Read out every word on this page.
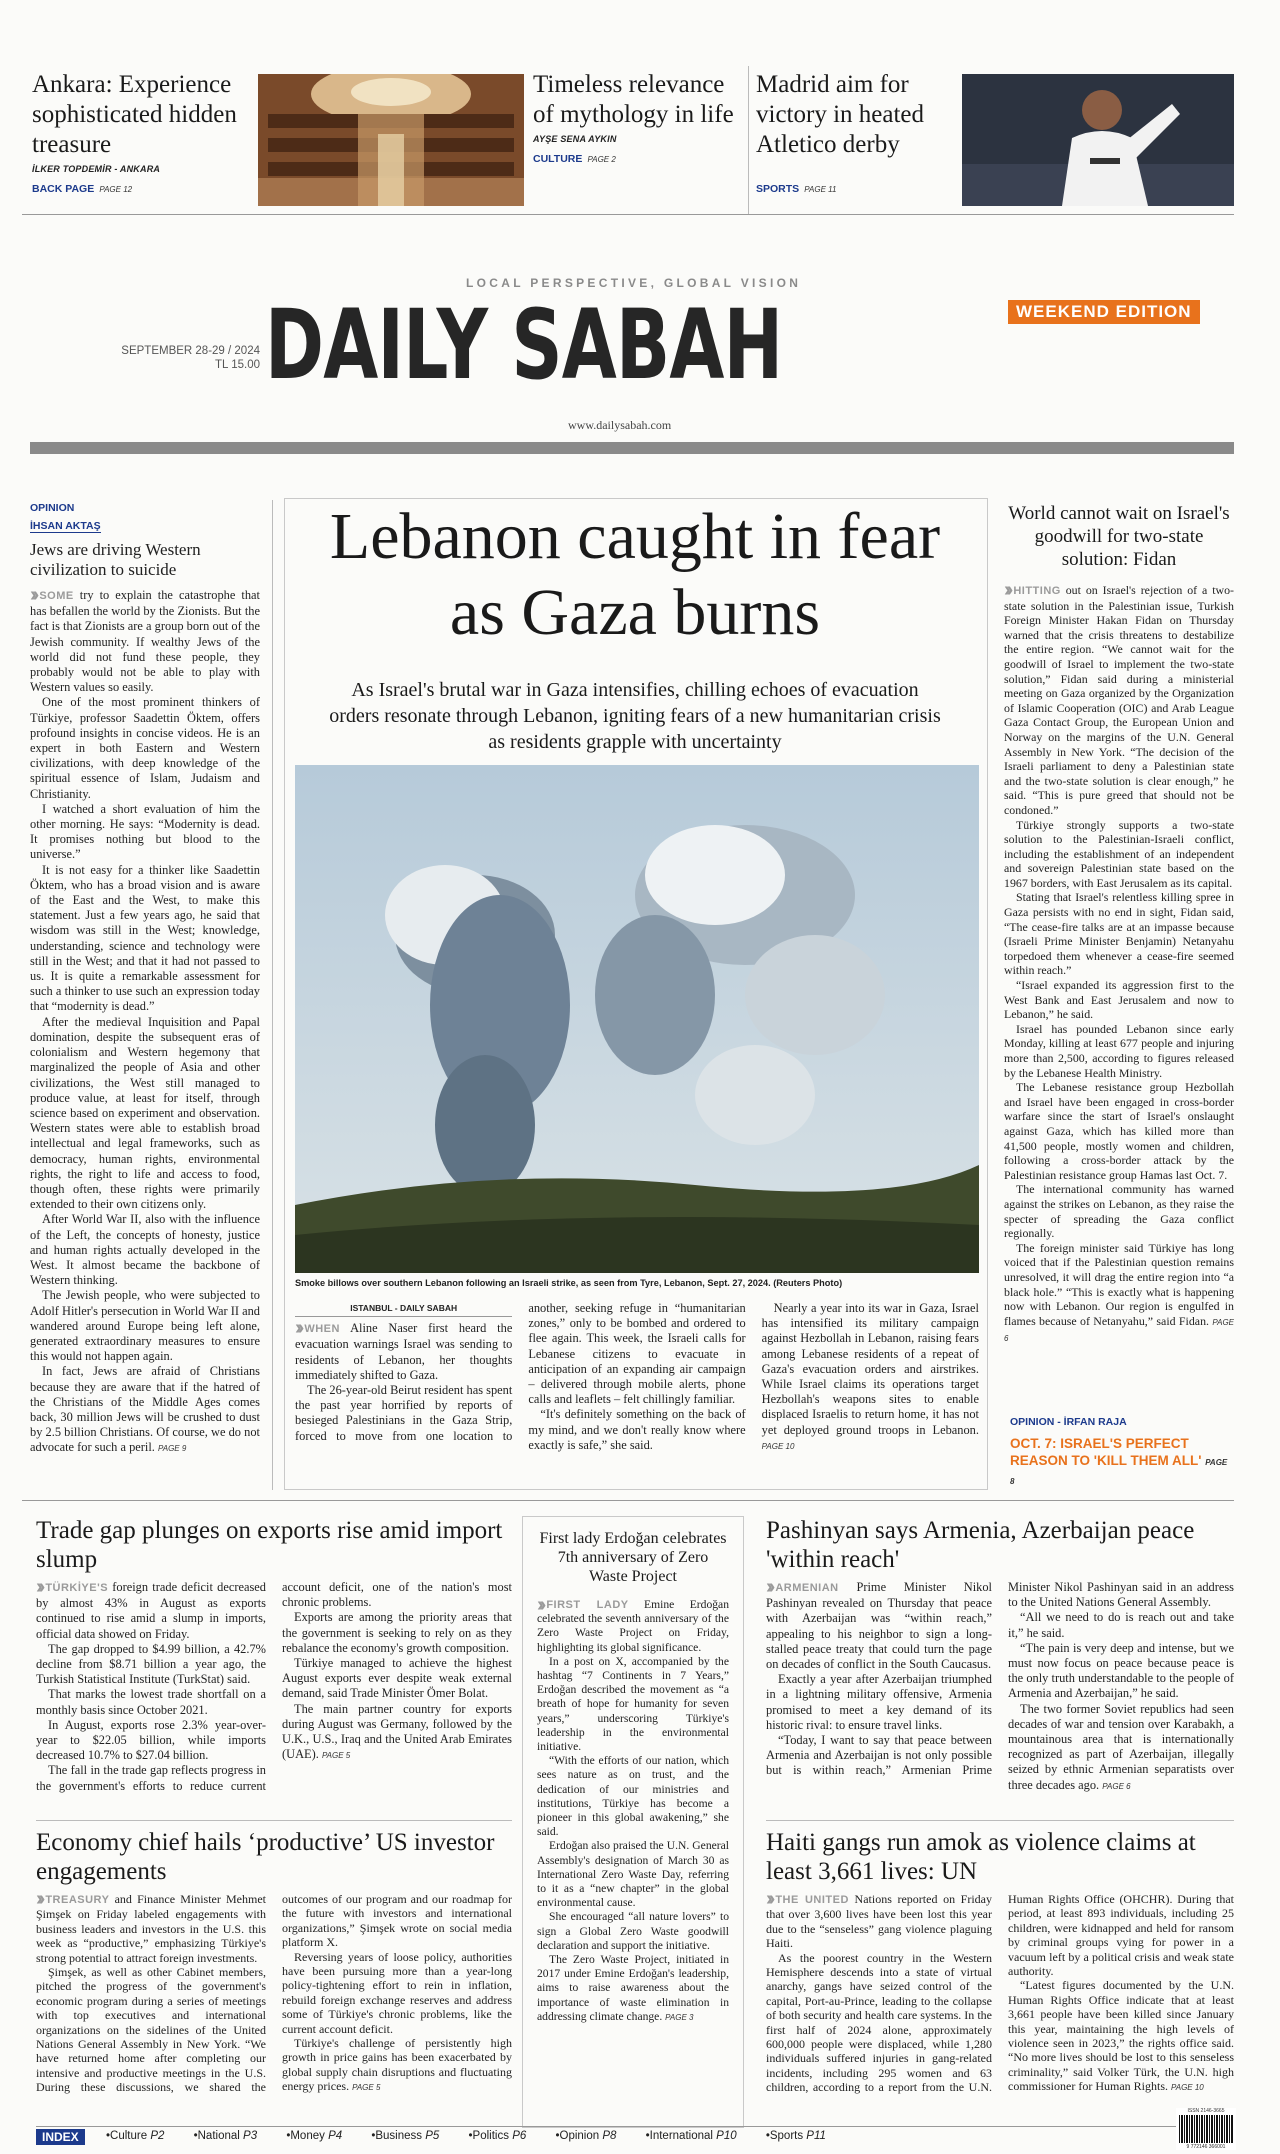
Ankara: Experience sophisticated hidden treasure
İLKER TOPDEMİR - ANKARA
BACK PAGE PAGE 12
Timeless relevance of mythology in life
AYŞE SENA AYKIN
CULTURE PAGE 2
Madrid aim for victory in heated Atletico derby
SPORTS PAGE 11
LOCAL PERSPECTIVE, GLOBAL VISION
DAILY SABAH
SEPTEMBER 28-29 / 2024
TL 15.00
WEEKEND EDITION
www.dailysabah.com
OPINION
İHSAN AKTAŞ
Jews are driving Western civilization to suicide

›› SOME try to explain the catastrophe that has befallen the world by the Zionists. But the fact is that Zionists are a group born out of the Jewish community. If wealthy Jews of the world did not fund these people, they probably would not be able to play with Western values so easily.

One of the most prominent thinkers of Türkiye, professor Saadettin Öktem, offers profound insights in concise videos. He is an expert in both Eastern and Western civilizations, with deep knowledge of the spiritual essence of Islam, Judaism and Christianity.

I watched a short evaluation of him the other morning. He says: “Modernity is dead. It promises nothing but blood to the universe.”

It is not easy for a thinker like Saadettin Öktem, who has a broad vision and is aware of the East and the West, to make this statement. Just a few years ago, he said that wisdom was still in the West; knowledge, understanding, science and technology were still in the West; and that it had not passed to us. It is quite a remarkable assessment for such a thinker to use such an expression today that “modernity is dead.”

After the medieval Inquisition and Papal domination, despite the subsequent eras of colonialism and Western hegemony that marginalized the people of Asia and other civilizations, the West still managed to produce value, at least for itself, through science based on experiment and observation. Western states were able to establish broad intellectual and legal frameworks, such as democracy, human rights, environmental rights, the right to life and access to food, though often, these rights were primarily extended to their own citizens only.

After World War II, also with the influence of the Left, the concepts of honesty, justice and human rights actually developed in the West. It almost became the backbone of Western thinking.

The Jewish people, who were subjected to Adolf Hitler's persecution in World War II and wandered around Europe being left alone, generated extraordinary measures to ensure this would not happen again.

In fact, Jews are afraid of Christians because they are aware that if the hatred of the Christians of the Middle Ages comes back, 30 million Jews will be crushed to dust by 2.5 billion Christians. Of course, we do not advocate for such a peril. PAGE 9

Lebanon caught in fear as Gaza burns
As Israel's brutal war in Gaza intensifies, chilling echoes of evacuation orders resonate through Lebanon, igniting fears of a new humanitarian crisis as residents grapple with uncertainty
Smoke billows over southern Lebanon following an Israeli strike, as seen from Tyre, Lebanon, Sept. 27, 2024. (Reuters Photo)

ISTANBUL - DAILY SABAH

›› WHEN Aline Naser first heard the evacuation warnings Israel was sending to residents of Lebanon, her thoughts immediately shifted to Gaza.

The 26-year-old Beirut resident has spent the past year horrified by reports of besieged Palestinians in the Gaza Strip, forced to move from one location to another, seeking refuge in “humanitarian zones,” only to be bombed and ordered to flee again. This week, the Israeli calls for Lebanese citizens to evacuate in anticipation of an expanding air campaign – delivered through mobile alerts, phone calls and leaflets – felt chillingly familiar.

“It's definitely something on the back of my mind, and we don't really know where exactly is safe,” she said.

Nearly a year into its war in Gaza, Israel has intensified its military campaign against Hezbollah in Lebanon, raising fears among Lebanese residents of a repeat of Gaza's evacuation orders and airstrikes. While Israel claims its operations target Hezbollah's weapons sites to enable displaced Israelis to return home, it has not yet deployed ground troops in Lebanon. PAGE 10

World cannot wait on Israel's goodwill for two-state solution: Fidan

›› HITTING out on Israel's rejection of a two-state solution in the Palestinian issue, Turkish Foreign Minister Hakan Fidan on Thursday warned that the crisis threatens to destabilize the entire region. “We cannot wait for the goodwill of Israel to implement the two-state solution,” Fidan said during a ministerial meeting on Gaza organized by the Organization of Islamic Cooperation (OIC) and Arab League Gaza Contact Group, the European Union and Norway on the margins of the U.N. General Assembly in New York. “The decision of the Israeli parliament to deny a Palestinian state and the two-state solution is clear enough,” he said. “This is pure greed that should not be condoned.”

Türkiye strongly supports a two-state solution to the Palestinian-Israeli conflict, including the establishment of an independent and sovereign Palestinian state based on the 1967 borders, with East Jerusalem as its capital.

Stating that Israel's relentless killing spree in Gaza persists with no end in sight, Fidan said, “The cease-fire talks are at an impasse because (Israeli Prime Minister Benjamin) Netanyahu torpedoed them whenever a cease-fire seemed within reach.”

“Israel expanded its aggression first to the West Bank and East Jerusalem and now to Lebanon,” he said.

Israel has pounded Lebanon since early Monday, killing at least 677 people and injuring more than 2,500, according to figures released by the Lebanese Health Ministry.

The Lebanese resistance group Hezbollah and Israel have been engaged in cross-border warfare since the start of Israel's onslaught against Gaza, which has killed more than 41,500 people, mostly women and children, following a cross-border attack by the Palestinian resistance group Hamas last Oct. 7.

The international community has warned against the strikes on Lebanon, as they raise the specter of spreading the Gaza conflict regionally.

The foreign minister said Türkiye has long voiced that if the Palestinian question remains unresolved, it will drag the entire region into “a black hole.” “This is exactly what is happening now with Lebanon. Our region is engulfed in flames because of Netanyahu,” said Fidan. PAGE 6

OPINION - İRFAN RAJA
OCT. 7: ISRAEL'S PERFECT REASON TO 'KILL THEM ALL' PAGE 8
Trade gap plunges on exports rise amid import slump

›› TÜRKİYE'S foreign trade deficit decreased by almost 43% in August as exports continued to rise amid a slump in imports, official data showed on Friday.

The gap dropped to $4.99 billion, a 42.7% decline from $8.71 billion a year ago, the Turkish Statistical Institute (TurkStat) said.

That marks the lowest trade shortfall on a monthly basis since October 2021.

In August, exports rose 2.3% year-over-year to $22.05 billion, while imports decreased 10.7% to $27.04 billion.

The fall in the trade gap reflects progress in the government's efforts to reduce current account deficit, one of the nation's most chronic problems.

Exports are among the priority areas that the government is seeking to rely on as they rebalance the economy's growth composition.

Türkiye managed to achieve the highest August exports ever despite weak external demand, said Trade Minister Ömer Bolat.

The main partner country for exports during August was Germany, followed by the U.K., U.S., Iraq and the United Arab Emirates (UAE). PAGE 5

First lady Erdoğan celebrates 7th anniversary of Zero Waste Project

›› FIRST LADY Emine Erdoğan celebrated the seventh anniversary of the Zero Waste Project on Friday, highlighting its global significance.

In a post on X, accompanied by the hashtag “7 Continents in 7 Years,” Erdoğan described the movement as “a breath of hope for humanity for seven years,” underscoring Türkiye's leadership in the environmental initiative.

“With the efforts of our nation, which sees nature as on trust, and the dedication of our ministries and institutions, Türkiye has become a pioneer in this global awakening,” she said.

Erdoğan also praised the U.N. General Assembly's designation of March 30 as International Zero Waste Day, referring to it as a “new chapter” in the global environmental cause.

She encouraged “all nature lovers” to sign a Global Zero Waste goodwill declaration and support the initiative.

The Zero Waste Project, initiated in 2017 under Emine Erdoğan's leadership, aims to raise awareness about the importance of waste elimination in addressing climate change. PAGE 3

Pashinyan says Armenia, Azerbaijan peace 'within reach'

›› ARMENIAN Prime Minister Nikol Pashinyan revealed on Thursday that peace with Azerbaijan was “within reach,” appealing to his neighbor to sign a long-stalled peace treaty that could turn the page on decades of conflict in the South Caucasus.

Exactly a year after Azerbaijan triumphed in a lightning military offensive, Armenia promised to meet a key demand of its historic rival: to ensure travel links.

“Today, I want to say that peace between Armenia and Azerbaijan is not only possible but is within reach,” Armenian Prime Minister Nikol Pashinyan said in an address to the United Nations General Assembly.

“All we need to do is reach out and take it,” he said.

“The pain is very deep and intense, but we must now focus on peace because peace is the only truth understandable to the people of Armenia and Azerbaijan,” he said.

The two former Soviet republics had seen decades of war and tension over Karabakh, a mountainous area that is internationally recognized as part of Azerbaijan, illegally seized by ethnic Armenian separatists over three decades ago. PAGE 6

Economy chief hails ‘productive’ US investor engagements

›› TREASURY and Finance Minister Mehmet Şimşek on Friday labeled engagements with business leaders and investors in the U.S. this week as “productive,” emphasizing Türkiye's strong potential to attract foreign investments.

Şimşek, as well as other Cabinet members, pitched the progress of the government's economic program during a series of meetings with top executives and international organizations on the sidelines of the United Nations General Assembly in New York. “We have returned home after completing our intensive and productive meetings in the U.S. During these discussions, we shared the outcomes of our program and our roadmap for the future with investors and international organizations,” Şimşek wrote on social media platform X.

Reversing years of loose policy, authorities have been pursuing more than a year-long policy-tightening effort to rein in inflation, rebuild foreign exchange reserves and address some of Türkiye's chronic problems, like the current account deficit.

Türkiye's challenge of persistently high growth in price gains has been exacerbated by global supply chain disruptions and fluctuating energy prices. PAGE 5

Haiti gangs run amok as violence claims at least 3,661 lives: UN

›› THE UNITED Nations reported on Friday that over 3,600 lives have been lost this year due to the “senseless” gang violence plaguing Haiti.

As the poorest country in the Western Hemisphere descends into a state of virtual anarchy, gangs have seized control of the capital, Port-au-Prince, leading to the collapse of both security and health care systems. In the first half of 2024 alone, approximately 600,000 people were displaced, while 1,280 individuals suffered injuries in gang-related incidents, including 295 women and 63 children, according to a report from the U.N. Human Rights Office (OHCHR). During that period, at least 893 individuals, including 25 children, were kidnapped and held for ransom by criminal groups vying for power in a vacuum left by a political crisis and weak state authority.

“Latest figures documented by the U.N. Human Rights Office indicate that at least 3,661 people have been killed since January this year, maintaining the high levels of violence seen in 2023,” the rights office said. “No more lives should be lost to this senseless criminality,” said Volker Türk, the U.N. high commissioner for Human Rights. PAGE 10

INDEX	•Culture P2	•National P3	•Money P4	•Business P5	•Politics P6	•Opinion P8	•International P10	•Sports P11
ISSN 2146-3665
9 772146 366001
